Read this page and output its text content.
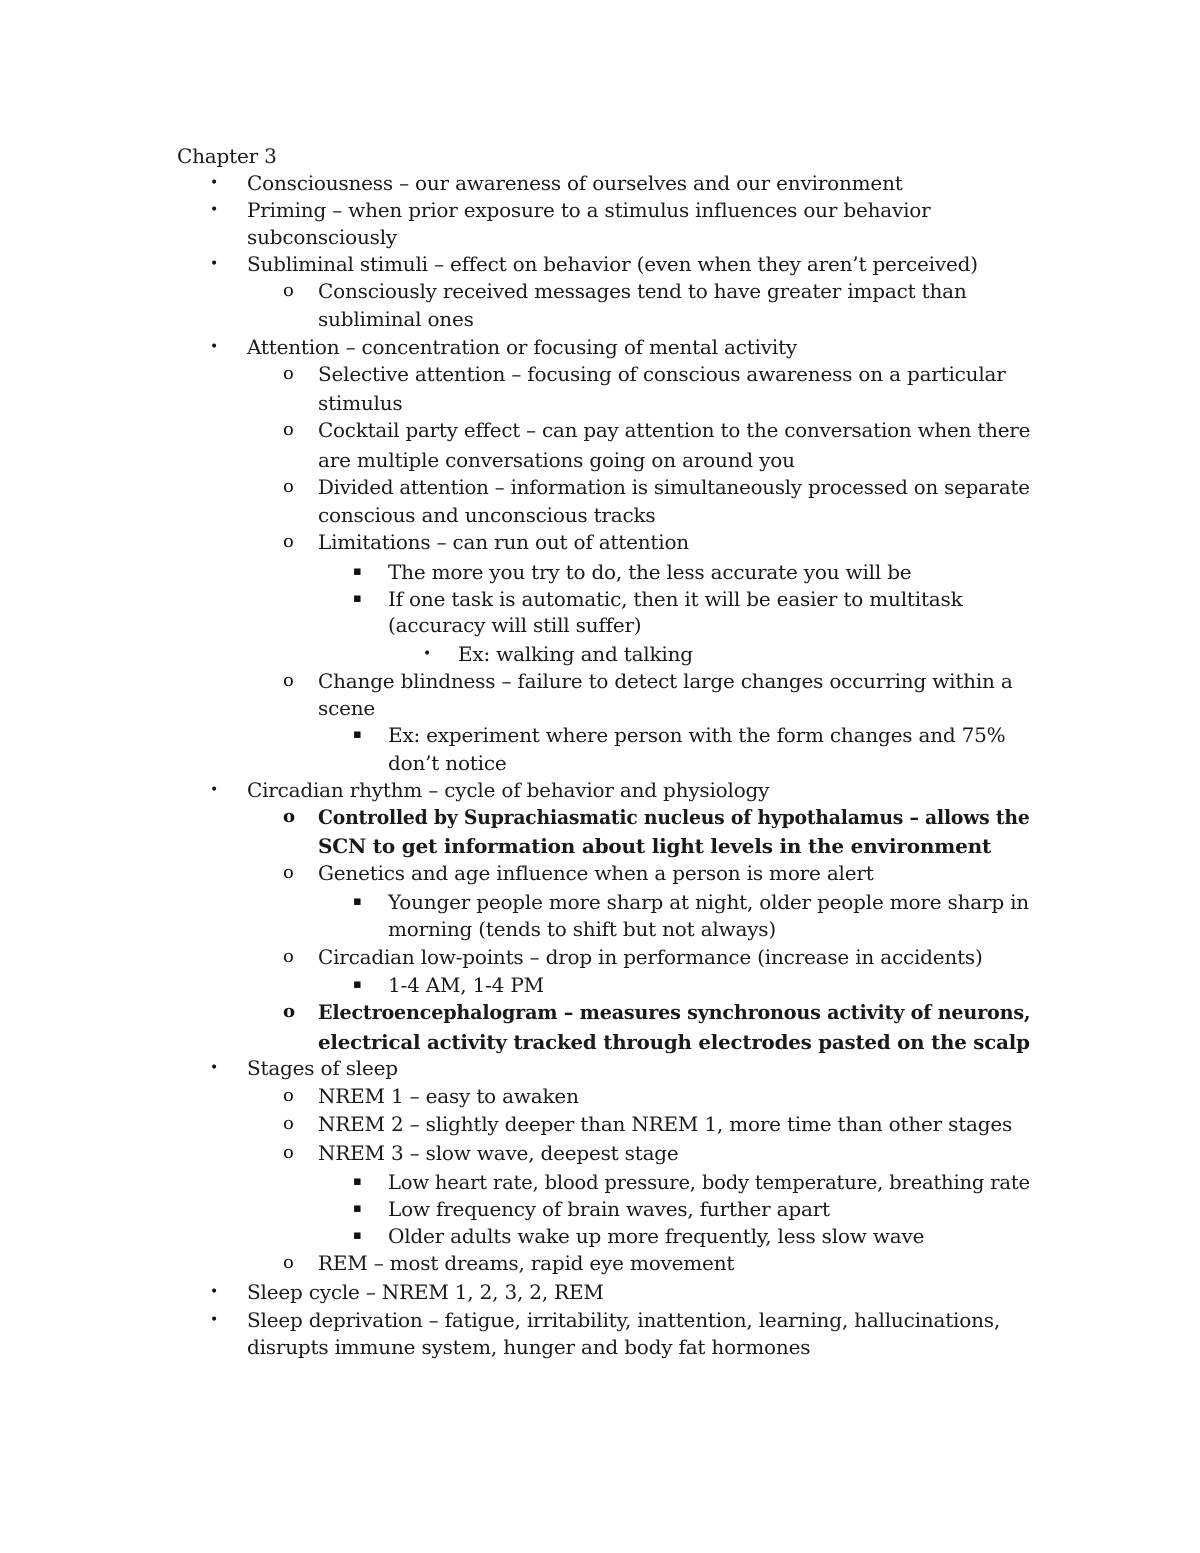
Chapter 3
• Consciousness – our awareness of ourselves and our environment
• Priming – when prior exposure to a stimulus influences our behavior
subconsciously
• Subliminal stimuli – effect on behavior (even when they aren’t perceived)
o Consciously received messages tend to have greater impact than
subliminal ones
• Attention – concentration or focusing of mental activity
o Selective attention – focusing of conscious awareness on a particular
stimulus
o Cocktail party effect – can pay attention to the conversation when there
are multiple conversations going on around you
o Divided attention – information is simultaneously processed on separate
conscious and unconscious tracks
o Limitations – can run out of attention
▪ The more you try to do, the less accurate you will be
▪ If one task is automatic, then it will be easier to multitask
(accuracy will still suffer)
• Ex: walking and talking
o Change blindness – failure to detect large changes occurring within a
scene
▪ Ex: experiment where person with the form changes and 75%
don’t notice
• Circadian rhythm – cycle of behavior and physiology
o Controlled by Suprachiasmatic nucleus of hypothalamus – allows the
SCN to get information about light levels in the environment
o Genetics and age influence when a person is more alert
▪ Younger people more sharp at night, older people more sharp in
morning (tends to shift but not always)
o Circadian low-points – drop in performance (increase in accidents)
▪ 1-4 AM, 1-4 PM
o Electroencephalogram – measures synchronous activity of neurons,
electrical activity tracked through electrodes pasted on the scalp
• Stages of sleep
o NREM 1 – easy to awaken
o NREM 2 – slightly deeper than NREM 1, more time than other stages
o NREM 3 – slow wave, deepest stage
▪ Low heart rate, blood pressure, body temperature, breathing rate
▪ Low frequency of brain waves, further apart
▪ Older adults wake up more frequently, less slow wave
o REM – most dreams, rapid eye movement
• Sleep cycle – NREM 1, 2, 3, 2, REM
• Sleep deprivation – fatigue, irritability, inattention, learning, hallucinations,
disrupts immune system, hunger and body fat hormones
